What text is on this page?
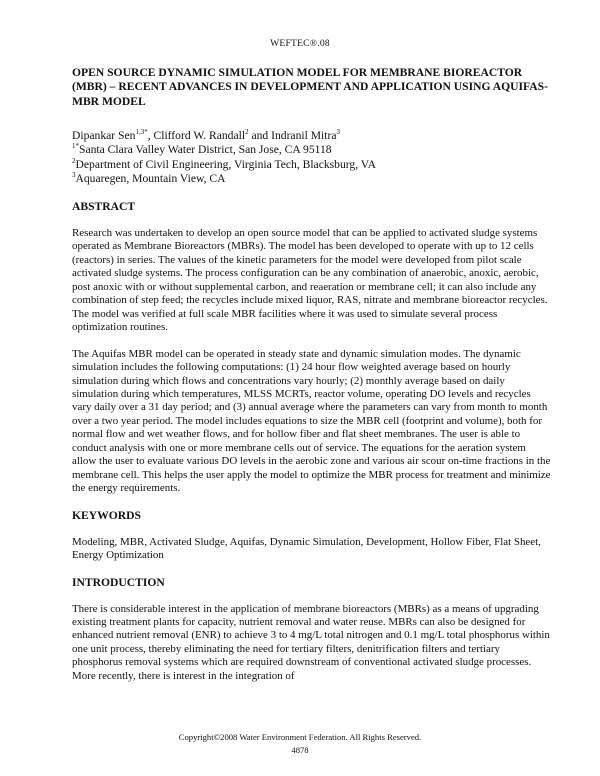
WEFTEC®.08
OPEN SOURCE DYNAMIC SIMULATION MODEL FOR MEMBRANE BIOREACTOR (MBR) – RECENT ADVANCES IN DEVELOPMENT AND APPLICATION USING AQUIFAS-MBR MODEL
Dipankar Sen$^{1,3*}$, Clifford W. Randall$^2$ and Indranil Mitra$^3$
$^{1*}$Santa Clara Valley Water District, San Jose, CA 95118
$^2$Department of Civil Engineering, Virginia Tech, Blacksburg, VA
$^3$Aquaregen, Mountain View, CA
ABSTRACT

Research was undertaken to develop an open source model that can be applied to activated sludge systems operated as Membrane Bioreactors (MBRs). The model has been developed to operate with up to 12 cells (reactors) in series. The values of the kinetic parameters for the model were developed from pilot scale activated sludge systems. The process configuration can be any combination of anaerobic, anoxic, aerobic, post anoxic with or without supplemental carbon, and reaeration or membrane cell; it can also include any combination of step feed; the recycles include mixed liquor, RAS, nitrate and membrane bioreactor recycles. The model was verified at full scale MBR facilities where it was used to simulate several process optimization routines.

The Aquifas MBR model can be operated in steady state and dynamic simulation modes. The dynamic simulation includes the following computations: (1) 24 hour flow weighted average based on hourly simulation during which flows and concentrations vary hourly; (2) monthly average based on daily simulation during which temperatures, MLSS MCRTs, reactor volume, operating DO levels and recycles vary daily over a 31 day period; and (3) annual average where the parameters can vary from month to month over a two year period. The model includes equations to size the MBR cell (footprint and volume), both for normal flow and wet weather flows, and for hollow fiber and flat sheet membranes. The user is able to conduct analysis with one or more membrane cells out of service. The equations for the aeration system allow the user to evaluate various DO levels in the aerobic zone and various air scour on-time fractions in the membrane cell. This helps the user apply the model to optimize the MBR process for treatment and minimize the energy requirements.

KEYWORDS

Modeling, MBR, Activated Sludge, Aquifas, Dynamic Simulation, Development, Hollow Fiber, Flat Sheet, Energy Optimization

INTRODUCTION

There is considerable interest in the application of membrane bioreactors (MBRs) as a means of upgrading existing treatment plants for capacity, nutrient removal and water reuse. MBRs can also be designed for enhanced nutrient removal (ENR) to achieve 3 to 4 mg/L total nitrogen and 0.1 mg/L total phosphorus within one unit process, thereby eliminating the need for tertiary filters, denitrification filters and tertiary phosphorus removal systems which are required downstream of conventional activated sludge processes. More recently, there is interest in the integration of

Copyright©2008 Water Environment Federation. All Rights Reserved.
4878
